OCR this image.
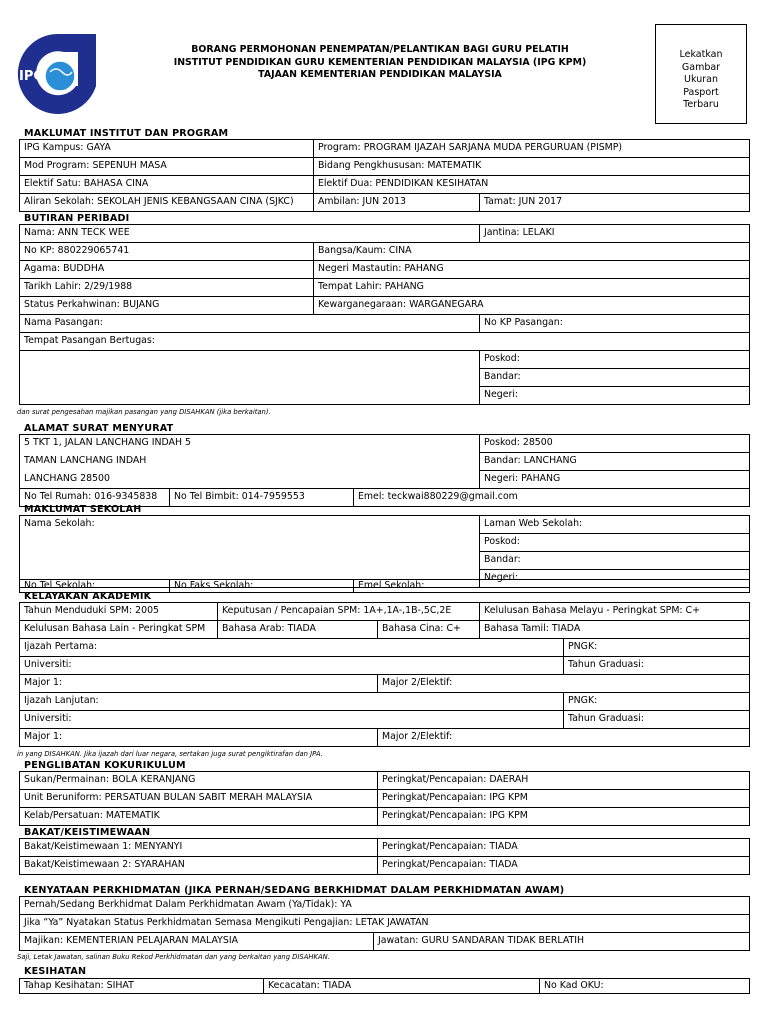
IPG
BORANG PERMOHONAN PENEMPATAN/PELANTIKAN BAGI GURU PELATIH
INSTITUT PENDIDIKAN GURU KEMENTERIAN PENDIDIKAN MALAYSIA (IPG KPM)
TAJAAN KEMENTERIAN PENDIDIKAN MALAYSIA
Lekatkan
Gambar
Ukuran
Pasport
Terbaru
MAKLUMAT INSTITUT DAN PROGRAM
IPG Kampus: GAYA	Program: PROGRAM IJAZAH SARJANA MUDA PERGURUAN (PISMP)	
Mod Program: SEPENUH MASA	Bidang Pengkhususan: MATEMATIK	
Elektif Satu: BAHASA CINA	Elektif Dua: PENDIDIKAN KESIHATAN	
Aliran Sekolah: SEKOLAH JENIS KEBANGSAAN CINA (SJKC)	Ambilan: JUN 2013	Tamat: JUN 2017
BUTIRAN PERIBADI
Nama: ANN TECK WEE		Jantina: LELAKI
No KP: 880229065741	Bangsa/Kaum: CINA	
Agama: BUDDHA	Negeri Mastautin: PAHANG	
Tarikh Lahir: 2/29/1988	Tempat Lahir: PAHANG	
Status Perkahwinan: BUJANG	Kewarganegaraan: WARGANEGARA	
Nama Pasangan:		No KP Pasangan:
Tempat Pasangan Bertugas:		
		Poskod:
		Bandar:
		Negeri:
dan surat pengesahan majikan pasangan yang DISAHKAN (jika berkaitan).
ALAMAT SURAT MENYURAT
5 TKT 1, JALAN LANCHANG INDAH 5			Poskod: 28500
TAMAN LANCHANG INDAH			Bandar: LANCHANG
LANCHANG 28500			Negeri: PAHANG
No Tel Rumah: 016-9345838	No Tel Bimbit: 014-7959553	Emel: teckwai880229@gmail.com	
MAKLUMAT SEKOLAH
Nama Sekolah:	Laman Web Sekolah:
Poskod:
Bandar:
Negeri:
No Tel Sekolah:	No Faks Sekolah:	Emel Sekolah:
KELAYAKAN AKADEMIK
Tahun Menduduki SPM: 2005	Keputusan / Pencapaian SPM: 1A+,1A-,1B-,5C,2E		Kelulusan Bahasa Melayu - Peringkat SPM: C+
Kelulusan Bahasa Lain - Peringkat SPM	Bahasa Arab: TIADA	Bahasa Cina: C+	Bahasa Tamil: TIADA
Ijazah Pertama:		PNGK:
Universiti:		Tahun Graduasi:
Major 1:	Major 2/Elektif:	
Ijazah Lanjutan:		PNGK:
Universiti:		Tahun Graduasi:
Major 1:	Major 2/Elektif:	
in yang DISAHKAN. Jika ijazah dari luar negara, sertakan juga surat pengiktirafan dan JPA.
PENGLIBATAN KOKURIKULUM
Sukan/Permainan: BOLA KERANJANG	Peringkat/Pencapaian: DAERAH
Unit Beruniform: PERSATUAN BULAN SABIT MERAH MALAYSIA	Peringkat/Pencapaian: IPG KPM
Kelab/Persatuan: MATEMATIK	Peringkat/Pencapaian: IPG KPM
BAKAT/KEISTIMEWAAN
Bakat/Keistimewaan 1: MENYANYI	Peringkat/Pencapaian: TIADA
Bakat/Keistimewaan 2: SYARAHAN	Peringkat/Pencapaian: TIADA
KENYATAAN PERKHIDMATAN (JIKA PERNAH/SEDANG BERKHIDMAT DALAM PERKHIDMATAN AWAM)
Pernah/Sedang Berkhidmat Dalam Perkhidmatan Awam (Ya/Tidak): YA
Jika “Ya” Nyatakan Status Perkhidmatan Semasa Mengikuti Pengajian: LETAK JAWATAN
Majikan: KEMENTERIAN PELAJARAN MALAYSIA	Jawatan: GURU SANDARAN TIDAK BERLATIH
Saji, Letak Jawatan, salinan Buku Rekod Perkhidmatan dan yang berkaitan yang DISAHKAN.
KESIHATAN
Tahap Kesihatan: SIHAT	Kecacatan: TIADA	No Kad OKU:
